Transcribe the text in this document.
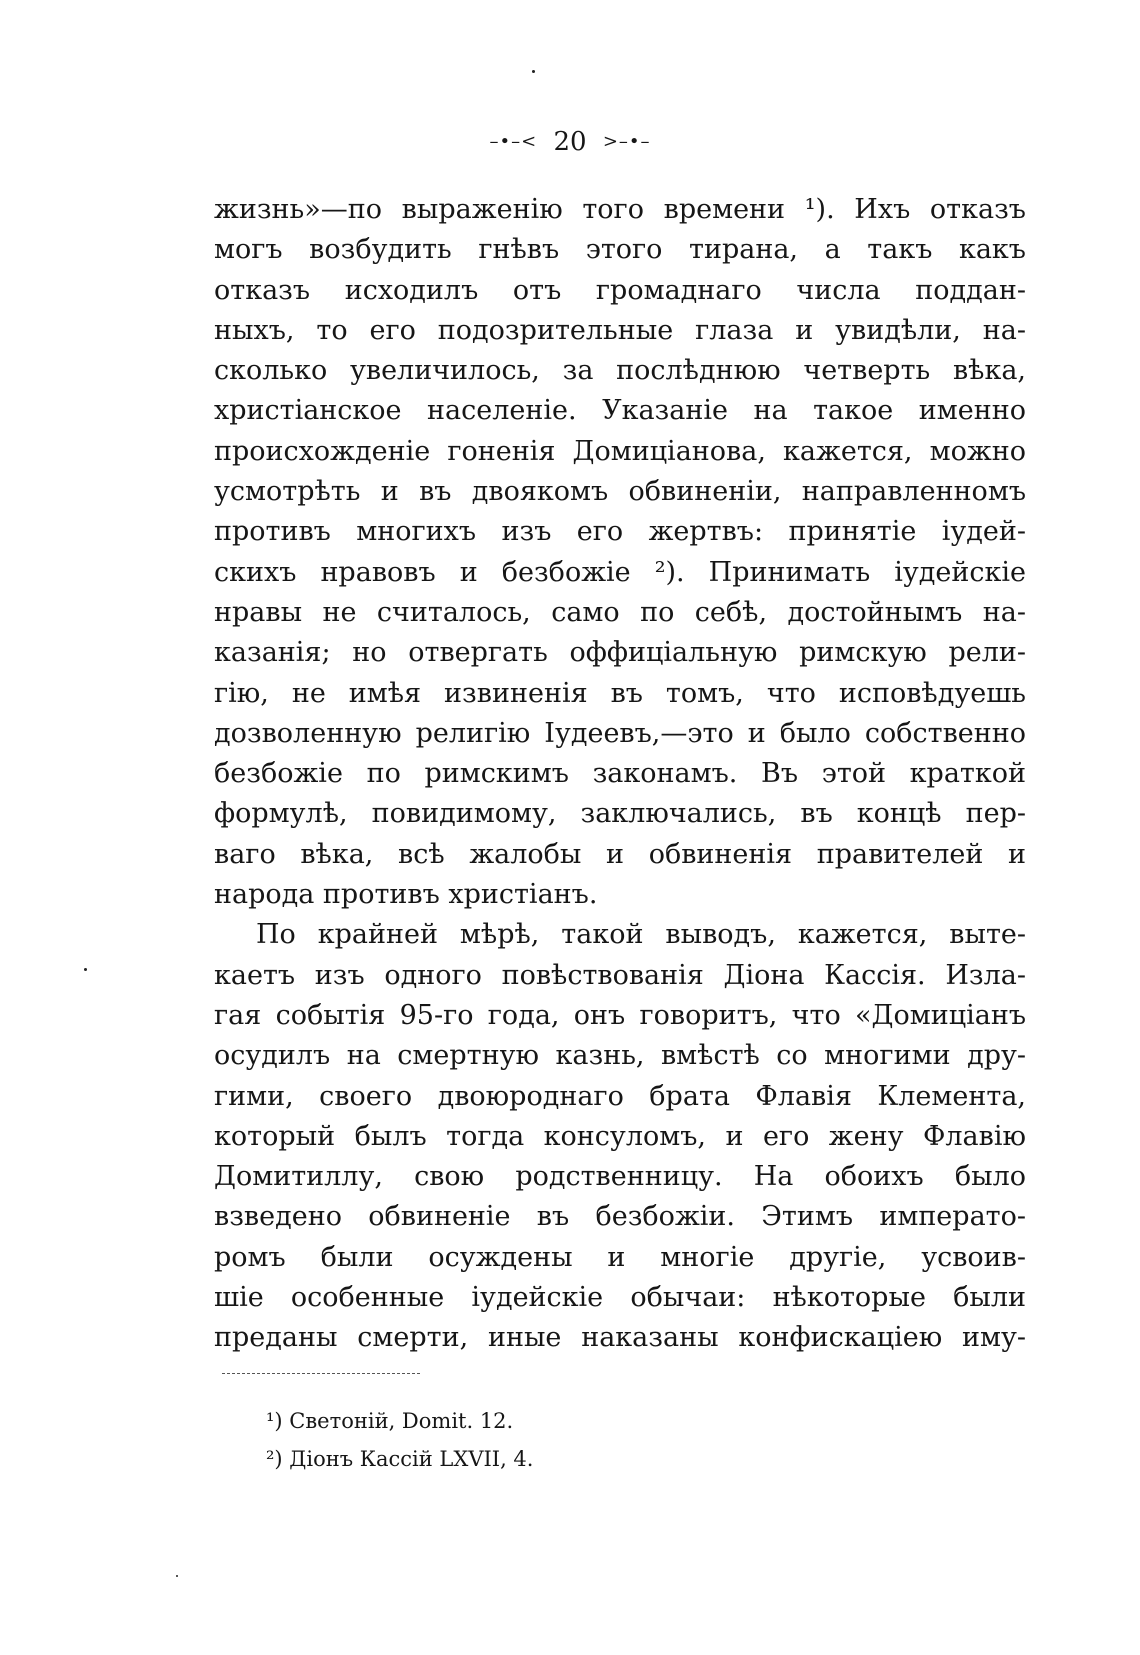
–•–< 20 >–•–
жизнь»—по выраженію того времени ¹). Ихъ отказъ
могъ возбудить гнѣвъ этого тирана, а такъ какъ
отказъ исходилъ отъ громаднаго числа поддан-
ныхъ, то его подозрительные глаза и увидѣли, на-
сколько увеличилось, за послѣднюю четверть вѣка,
христіанское населеніе. Указаніе на такое именно
происхожденіе гоненія Домиціанова, кажется, можно
усмотрѣть и въ двоякомъ обвиненіи, направленномъ
противъ многихъ изъ его жертвъ: принятіе іудей-
скихъ нравовъ и безбожіе ²). Принимать іудейскіе
нравы не считалось, само по себѣ, достойнымъ на-
казанія; но отвергать оффиціальную римскую рели-
гію, не имѣя извиненія въ томъ, что исповѣдуешь
дозволенную религію Іудеевъ,—это и было собственно
безбожіе по римскимъ законамъ. Въ этой краткой
формулѣ, повидимому, заключались, въ концѣ пер-
ваго вѣка, всѣ жалобы и обвиненія правителей и
народа противъ христіанъ.
По крайней мѣрѣ, такой выводъ, кажется, выте-
каетъ изъ одного повѣствованія Діона Кассія. Изла-
гая событія 95-го года, онъ говоритъ, что «Домиціанъ
осудилъ на смертную казнь, вмѣстѣ со многими дру-
гими, своего двоюроднаго брата Флавія Клемента,
который былъ тогда консуломъ, и его жену Флавію
Домитиллу, свою родственницу. На обоихъ было
взведено обвиненіе въ безбожіи. Этимъ императо-
ромъ были осуждены и многіе другіе, усвоив-
шіе особенные іудейскіе обычаи: нѣкоторые были
преданы смерти, иные наказаны конфискаціею иму-
¹) Светоній, Domit. 12.
²) Діонъ Кассій LXVII, 4.
